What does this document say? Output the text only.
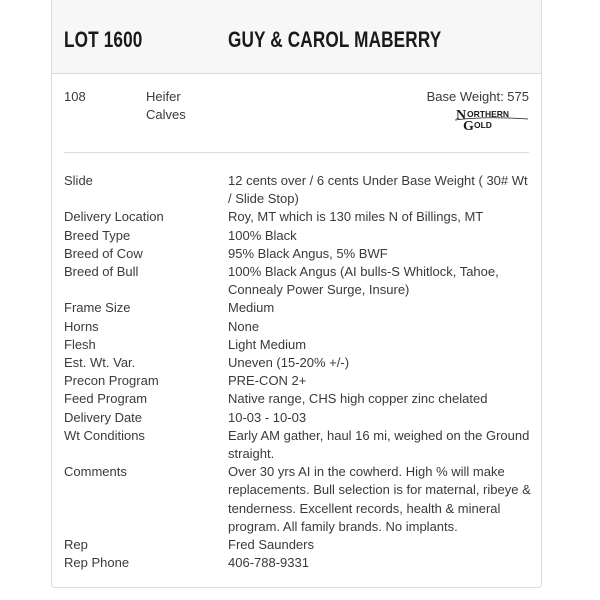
LOT 1600	GUY & CAROL MABERRY
108	Heifer Calves
Base Weight: 575
N ORTHERN
G OLD
Slide	12 cents over / 6 cents Under Base Weight ( 30# Wt / Slide Stop)
Delivery Location	Roy, MT which is 130 miles N of Billings, MT
Breed Type	100% Black
Breed of Cow	95% Black Angus, 5% BWF
Breed of Bull	100% Black Angus (AI bulls-S Whitlock, Tahoe, Connealy Power Surge, Insure)
Frame Size	Medium
Horns	None
Flesh	Light Medium
Est. Wt. Var.	Uneven (15-20% +/-)
Precon Program	PRE-CON 2+
Feed Program	Native range, CHS high copper zinc chelated
Delivery Date	10-03 - 10-03
Wt Conditions	Early AM gather, haul 16 mi, weighed on the Ground straight.
Comments	Over 30 yrs AI in the cowherd. High % will make replacements. Bull selection is for maternal, ribeye & tenderness. Excellent records, health & mineral program. All family brands. No implants.
Rep	Fred Saunders
Rep Phone	406-788-9331
